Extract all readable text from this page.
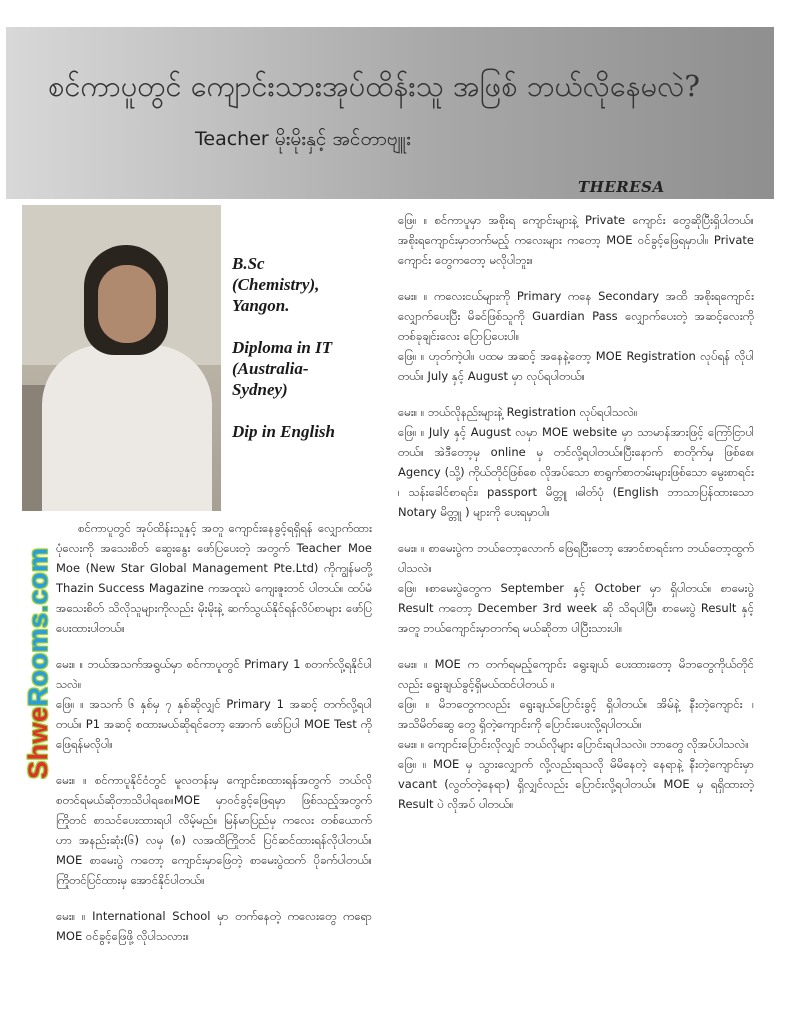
စင်ကာပူတွင် ကျောင်းသားအုပ်ထိန်းသူ အဖြစ် ဘယ်လိုနေမလဲ?
Teacher မိုးမိုးနှင့် အင်တာဗျူး
THERESA
B.Sc
(Chemistry),
Yangon.
Diploma in IT
(Australia-
Sydney)
Dip in English
ShweRooms.com

စင်ကာပူတွင် အုပ်ထိန်းသူနှင့် အတူ ကျောင်းနေခွင့်ရရှိရန် လျှောက်ထားပုံလေးကို အသေးစိတ် ဆွေးနွေး ဖော်ပြပေးတဲ့ အတွက် Teacher Moe Moe (New Star Global Management Pte.Ltd) ကိုကျွန်မတို့ Thazin Success Magazine ကအထူးပဲ ကျေးဇူးတင် ပါတယ်။ ထပ်မံအသေးစိတ် သိလိုသူများကိုလည်း မိုးမိုးနဲ့ ဆက်သွယ်နိုင်ရန်လိပ်စာများ ဖော်ပြပေးထားပါတယ်။

မေး။ ။ ဘယ်အသက်အရွယ်မှာ စင်ကာပူတွင် Primary 1 စတက်လို့ရနိုင်ပါသလဲ။

ဖြေ။ ။ အသက် ၆ နှစ်မှ ၇ နှစ်ဆိုလျှင် Primary 1 အဆင့် တက်လို့ရပါတယ်။ P1 အဆင့် စထားမယ်ဆိုရင်တော့ အောက် ဖော်ပြပါ MOE Test ကိုဖြေရန်မလိုပါ။

မေး။ ။ စင်ကာပူနိုင်ငံတွင် မူလတန်းမှ ကျောင်းစထားရန်အတွက် ဘယ်လို စတင်ရမယ်ဆိုတာသိပါရစေ။MOE မှာဝင်ခွင့်ဖြေရမှာ ဖြစ်သည့်အတွက် ကြိုတင် စာသင်ပေးထားရပါ လိမ့်မည်။ မြန်မာပြည်မှ ကလေး တစ်ယောက်ဟာ အနည်းဆုံး(၆) လမှ (၈) လအထိကြိုတင် ပြင်ဆင်ထားရန်လိုပါတယ်။ MOE စာမေးပွဲ ကတော့ ကျောင်းမှာဖြေတဲ့ စာမေးပွဲထက် ပိုခက်ပါတယ်။ ကြိုတင်ပြင်ထားမှ အောင်နိုင်ပါတယ်။

မေး။ ။ International School မှာ တက်နေတဲ့ ကလေးတွေ ကရော MOE ဝင်ခွင့်ဖြေဖို့ လိုပါသလား။

ဖြေ။ ။ စင်ကာပူမှာ အစိုးရ ကျောင်းများနဲ့ Private ကျောင်း တွေဆိုပြီးရှိပါတယ်။ အစိုးရကျောင်းမှာတက်မည့် ကလေးများ ကတော့ MOE ဝင်ခွင့်ဖြေရမှာပါ။ Private ကျောင်း တွေကတော့ မလိုပါဘူး။

မေး။ ။ ကလေးငယ်များကို Primary ကနေ Secondary အထိ အစိုးရကျောင်း လျှောက်ပေးပြီး မိခင်ဖြစ်သူကို Guardian Pass လျှောက်ပေးတဲ့ အဆင့်လေးကို တစ်ခုချင်းလေး ပြောပြပေးပါ။

ဖြေ။ ။ ဟုတ်ကဲ့ပါ။ ပထမ အဆင့် အနေနဲ့တော့ MOE Registration လုပ်ရန် လိုပါတယ်။ July နှင့် August မှာ လုပ်ရပါတယ်။

မေး။ ။ ဘယ်လိုနည်းများနဲ့ Registration လုပ်ရပါသလဲ။

ဖြေ။ ။ July နှင့် August လမှာ MOE website မှာ သာမာန်အားဖြင့် ကြော်ငြာပါတယ်။ အဲဒီတော့မှ online မှ တင်လို့ရပါတယ်။ပြီးနောက် စာတိုက်မှ ဖြစ်စေ၊ Agency (သို့) ကိုယ်တိုင်ဖြစ်စေ လိုအပ်သော စာရွက်စာတမ်းများဖြစ်သော မွေးစာရင်း ၊ သန်းခေါင်စာရင်း၊ passport မိတ္တူ ၊ဓါတ်ပုံ (English ဘာသာပြန်ထားသော Notary မိတ္တူ ) များကို ပေးရမှာပါ။

မေး။ ။ စာမေးပွဲက ဘယ်တော့လောက် ဖြေရပြီးတော့ အောင်စာရင်းက ဘယ်တော့ထွက်ပါသလဲ။

ဖြေ။ ။စာမေးပွဲတွေက September နှင့် October မှာ ရှိပါတယ်။ စာမေးပွဲ Result ကတော့ December 3rd week ဆို သိရပါပြီ။ စာမေးပွဲ Result နှင့်အတူ ဘယ်ကျောင်းမှာတက်ရ မယ်ဆိုတာ ပါပြီးသားပါ။

မေး။ ။ MOE က တက်ရမည့်ကျောင်း ရွေးချယ် ပေးထားတော့ မိဘတွေကိုယ်တိုင်လည်း ရွေးချယ်ခွင့်ရှိမယ်ထင်ပါတယ် ။

ဖြေ။ ။ မိဘတွေကလည်း ရွေးချယ်ပြောင်းခွင့် ရှိပါတယ်။ အိမ်နဲ့ နီးတဲ့ကျောင်း ၊ အသိမိတ်ဆွေ တွေ ရှိတဲ့ကျောင်းကို ပြောင်းပေးလို့ရပါတယ်။

မေး။ ။ ကျောင်းပြောင်းလိုလျှင် ဘယ်လိုများ ပြောင်းရပါသလဲ။ ဘာတွေ လိုအပ်ပါသလဲ။

ဖြေ။ ။ MOE မှ သွားလျှောက် လို့လည်းရသလို မိမိနေတဲ့ နေရာနဲ့ နီးတဲ့ကျောင်းမှာ vacant (လွတ်တဲ့နေရာ) ရှိလျှင်လည်း ပြောင်းလို့ရပါတယ်။ MOE မှ ရရှိထားတဲ့ Result ပဲ လိုအပ် ပါတယ်။
